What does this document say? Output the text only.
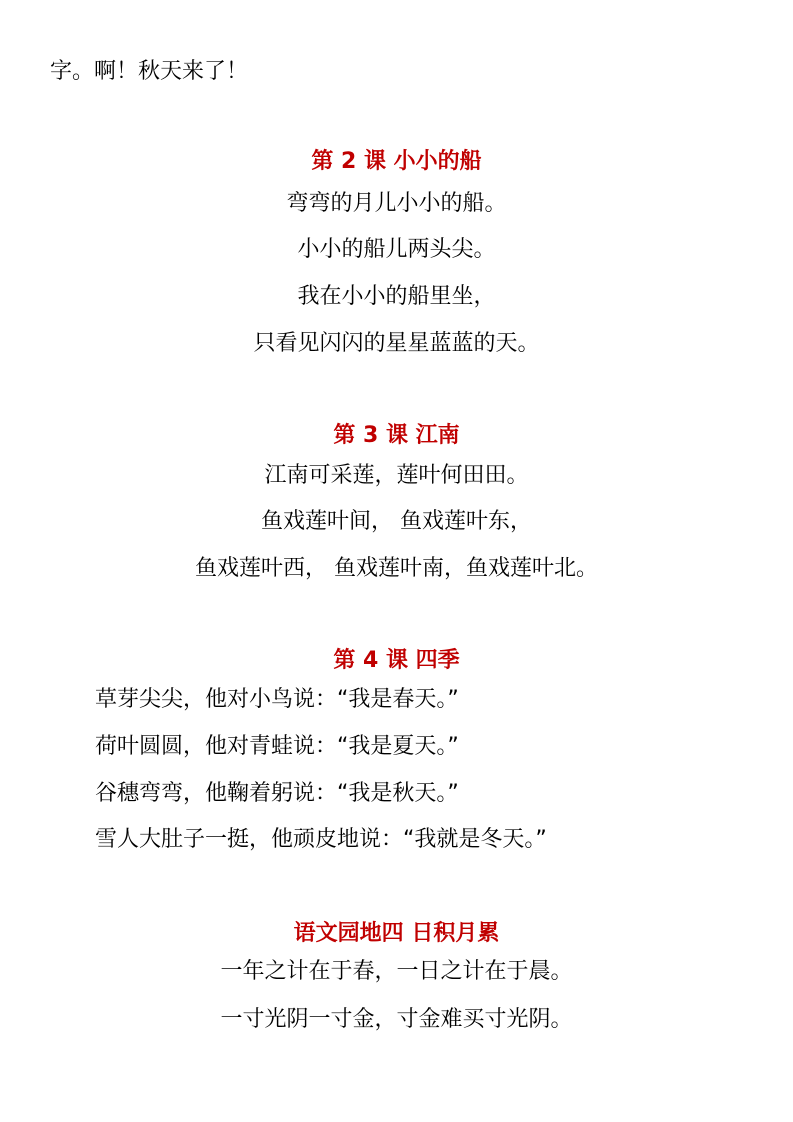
字。啊！秋天来了！
第 2 课 小小的船
弯弯的月儿小小的船。
小小的船儿两头尖。
我在小小的船里坐，
只看见闪闪的星星蓝蓝的天。
第 3 课 江南
江南可采莲，莲叶何田田。
鱼戏莲叶间， 鱼戏莲叶东，
鱼戏莲叶西， 鱼戏莲叶南，鱼戏莲叶北。
第 4 课 四季
草芽尖尖，他对小鸟说：“我是春天。”
荷叶圆圆，他对青蛙说：“我是夏天。”
谷穗弯弯，他鞠着躬说：“我是秋天。”
雪人大肚子一挺，他顽皮地说：“我就是冬天。”
语文园地四 日积月累
一年之计在于春，一日之计在于晨。
一寸光阴一寸金，寸金难买寸光阴。
